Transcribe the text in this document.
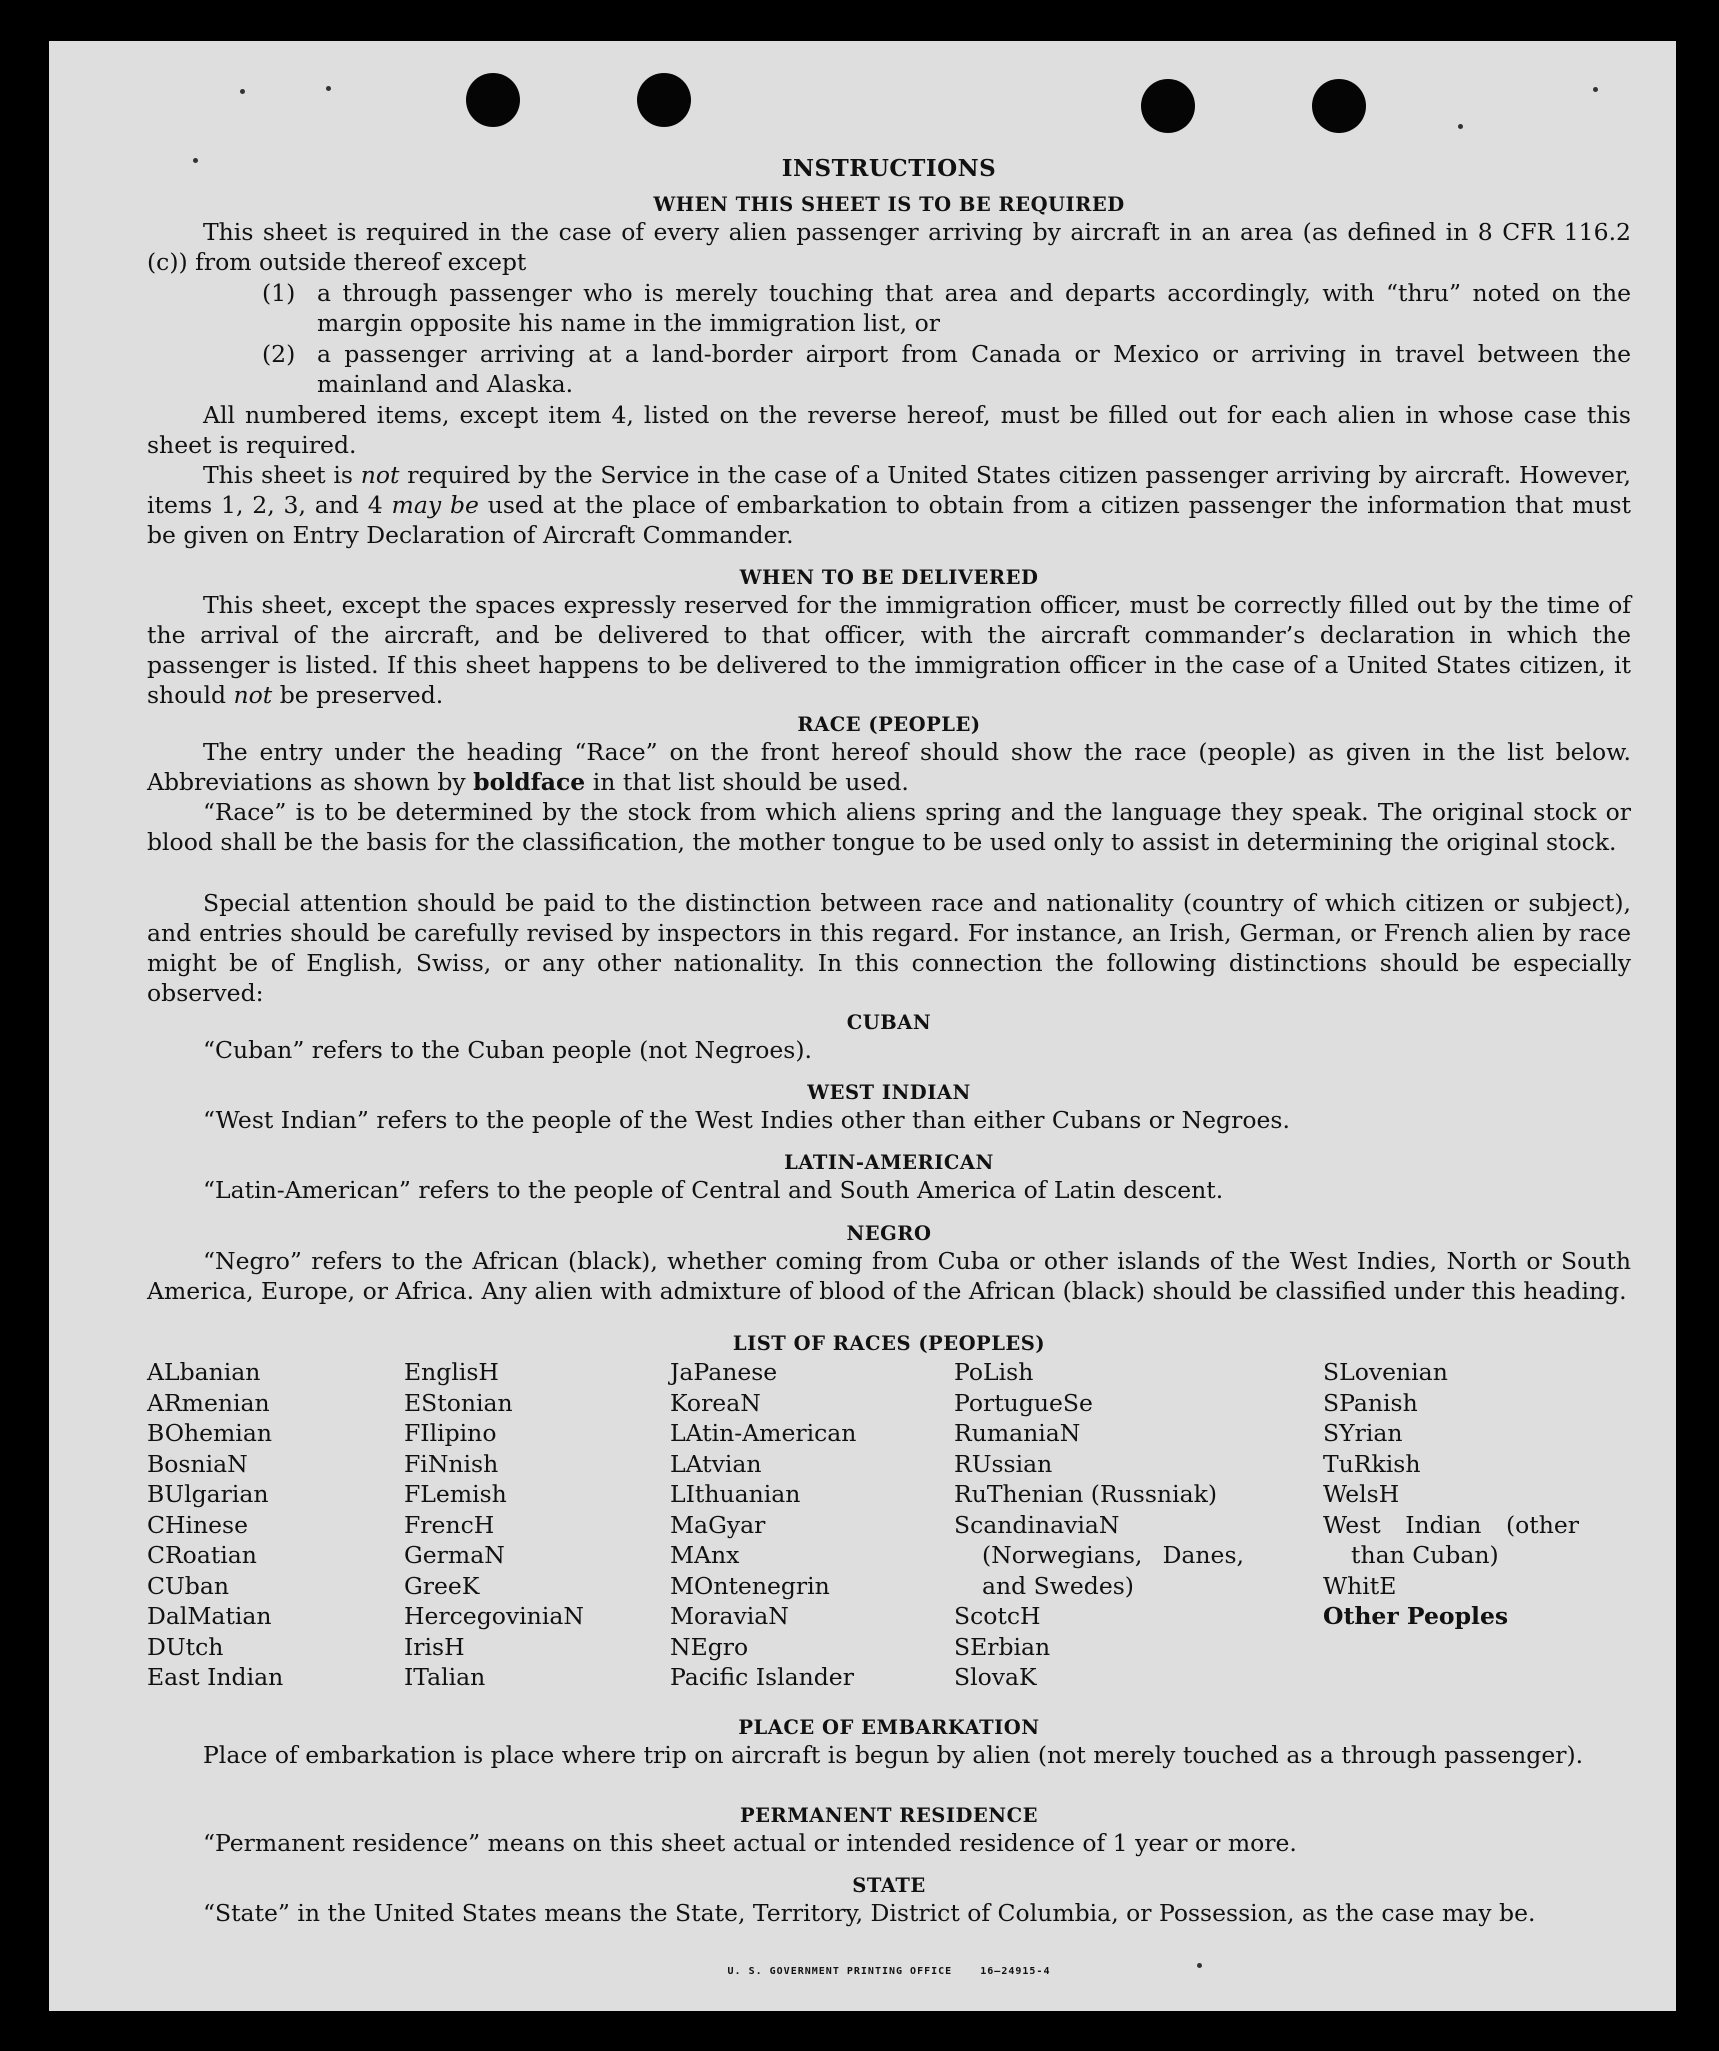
INSTRUCTIONS
WHEN THIS SHEET IS TO BE REQUIRED
This sheet is required in the case of every alien passenger arriving by aircraft in an area (as defined in 8 CFR 116.2 (c)) from outside thereof except
(1) a through passenger who is merely touching that area and departs accordingly, with “thru” noted on the margin opposite his name in the immigration list, or
(2) a passenger arriving at a land-border airport from Canada or Mexico or arriving in travel between the mainland and Alaska.
All numbered items, except item 4, listed on the reverse hereof, must be filled out for each alien in whose case this sheet is required.
This sheet is not required by the Service in the case of a United States citizen passenger arriving by aircraft. However, items 1, 2, 3, and 4 may be used at the place of embarkation to obtain from a citizen passenger the information that must be given on Entry Declaration of Aircraft Commander.
WHEN TO BE DELIVERED
This sheet, except the spaces expressly reserved for the immigration officer, must be correctly filled out by the time of the arrival of the aircraft, and be delivered to that officer, with the aircraft commander’s declaration in which the passenger is listed. If this sheet happens to be delivered to the immigration officer in the case of a United States citizen, it should not be preserved.
RACE (PEOPLE)
The entry under the heading “Race” on the front hereof should show the race (people) as given in the list below. Abbreviations as shown by boldface in that list should be used.
“Race” is to be determined by the stock from which aliens spring and the language they speak. The original stock or blood shall be the basis for the classification, the mother tongue to be used only to assist in determining the original stock.
Special attention should be paid to the distinction between race and nationality (country of which citizen or subject), and entries should be carefully revised by inspectors in this regard. For instance, an Irish, German, or French alien by race might be of English, Swiss, or any other nationality. In this connection the following distinctions should be especially observed:
CUBAN
“Cuban” refers to the Cuban people (not Negroes).
WEST INDIAN
“West Indian” refers to the people of the West Indies other than either Cubans or Negroes.
LATIN-AMERICAN
“Latin-American” refers to the people of Central and South America of Latin descent.
NEGRO
“Negro” refers to the African (black), whether coming from Cuba or other islands of the West Indies, North or South America, Europe, or Africa. Any alien with admixture of blood of the African (black) should be classified under this heading.
LIST OF RACES (PEOPLES)
ALbanian
ARmenian
BOhemian
BosniaN
BUlgarian
CHinese
CRoatian
CUban
DalMatian
DUtch
East Indian
EnglisH
EStonian
FIlipino
FiNnish
FLemish
FrencH
GermaN
GreeK
HercegoviniaN
IrisH
ITalian
JaPanese
KoreaN
LAtin-American
LAtvian
LIthuanian
MaGyar
MAnx
MOntenegrin
MoraviaN
NEgro
Pacific Islander
PoLish
PortugueSe
RumaniaN
RUssian
RuThenian (Russniak)
ScandinaviaN (Norwegians, Danes, and Swedes)
ScotcH
SErbian
SlovaK
SLovenian
SPanish
SYrian
TuRkish
WelsH
West Indian (other than Cuban)
WhitE
Other Peoples
PLACE OF EMBARKATION
Place of embarkation is place where trip on aircraft is begun by alien (not merely touched as a through passenger).
PERMANENT RESIDENCE
“Permanent residence” means on this sheet actual or intended residence of 1 year or more.
STATE
“State” in the United States means the State, Territory, District of Columbia, or Possession, as the case may be.
U. S. GOVERNMENT PRINTING OFFICE    16—24915-4
